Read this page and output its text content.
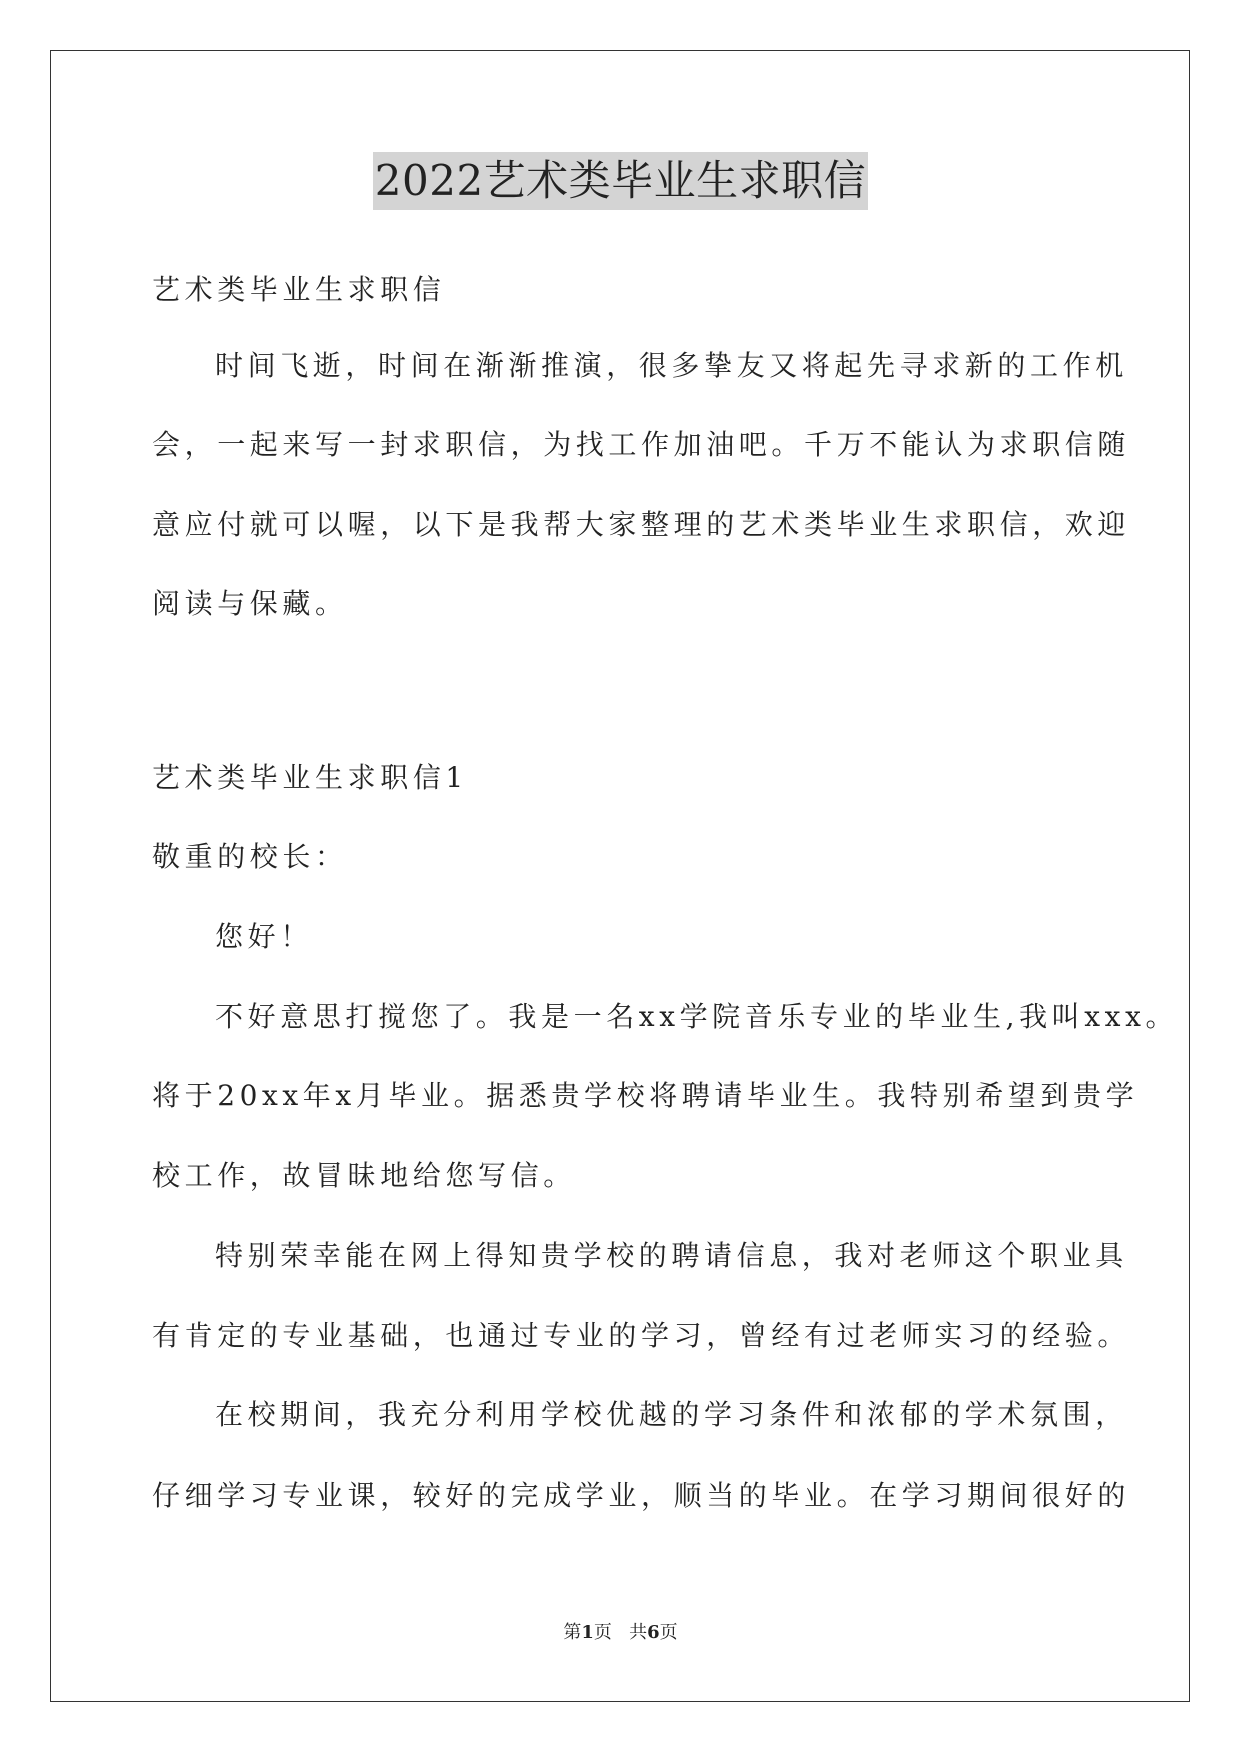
2022艺术类毕业生求职信
艺术类毕业生求职信
时间飞逝，时间在渐渐推演，很多挚友又将起先寻求新的工作机
会，一起来写一封求职信，为找工作加油吧。千万不能认为求职信随
意应付就可以喔，以下是我帮大家整理的艺术类毕业生求职信，欢迎
阅读与保藏。
艺术类毕业生求职信1
敬重的校长：
您好！
不好意思打搅您了。我是一名xx学院音乐专业的毕业生,我叫xxx。
将于20xx年x月毕业。据悉贵学校将聘请毕业生。我特别希望到贵学
校工作，故冒昧地给您写信。
特别荣幸能在网上得知贵学校的聘请信息，我对老师这个职业具
有肯定的专业基础，也通过专业的学习，曾经有过老师实习的经验。
在校期间，我充分利用学校优越的学习条件和浓郁的学术氛围，
仔细学习专业课，较好的完成学业，顺当的毕业。在学习期间很好的
第1页   共6页
